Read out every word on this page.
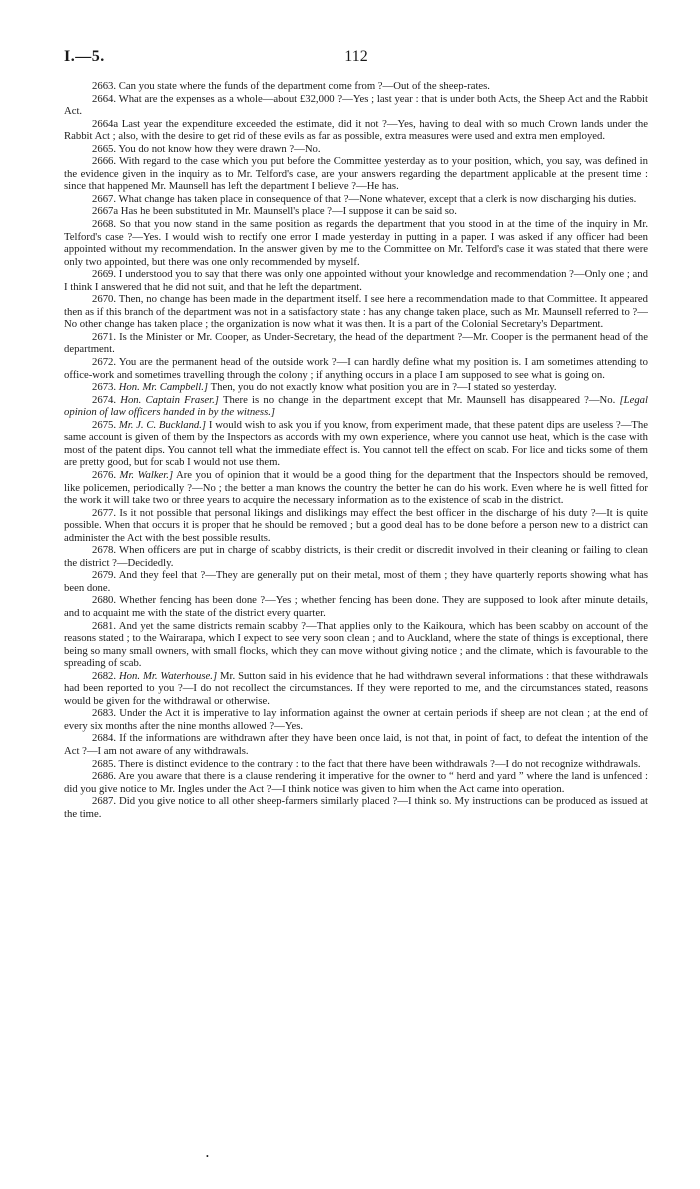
I.—5.	112

2663. Can you state where the funds of the department come from ?—Out of the sheep-rates.

2664. What are the expenses as a whole—about £32,000 ?—Yes ; last year : that is under both Acts, the Sheep Act and the Rabbit Act.

2664a Last year the expenditure exceeded the estimate, did it not ?—Yes, having to deal with so much Crown lands under the Rabbit Act ; also, with the desire to get rid of these evils as far as possible, extra measures were used and extra men employed.

2665. You do not know how they were drawn ?—No.

2666. With regard to the case which you put before the Committee yesterday as to your position, which, you say, was defined in the evidence given in the inquiry as to Mr. Telford's case, are your answers regarding the department applicable at the present time : since that happened Mr. Maunsell has left the department I believe ?—He has.

2667. What change has taken place in consequence of that ?—None whatever, except that a clerk is now discharging his duties.

2667a Has he been substituted in Mr. Maunsell's place ?—I suppose it can be said so.

2668. So that you now stand in the same position as regards the department that you stood in at the time of the inquiry in Mr. Telford's case ?—Yes. I would wish to rectify one error I made yesterday in putting in a paper. I was asked if any officer had been appointed without my recommendation. In the answer given by me to the Committee on Mr. Telford's case it was stated that there were only two appointed, but there was one only recommended by myself.

2669. I understood you to say that there was only one appointed without your knowledge and recommendation ?—Only one ; and I think I answered that he did not suit, and that he left the department.

2670. Then, no change has been made in the department itself. I see here a recommendation made to that Committee. It appeared then as if this branch of the department was not in a satisfactory state : has any change taken place, such as Mr. Maunsell referred to ?—No other change has taken place ; the organization is now what it was then. It is a part of the Colonial Secretary's Department.

2671. Is the Minister or Mr. Cooper, as Under-Secretary, the head of the department ?—Mr. Cooper is the permanent head of the department.

2672. You are the permanent head of the outside work ?—I can hardly define what my position is. I am sometimes attending to office-work and sometimes travelling through the colony ; if anything occurs in a place I am supposed to see what is going on.

2673. Hon. Mr. Campbell.] Then, you do not exactly know what position you are in ?—I stated so yesterday.

2674. Hon. Captain Fraser.] There is no change in the department except that Mr. Maunsell has disappeared ?—No. [Legal opinion of law officers handed in by the witness.]

2675. Mr. J. C. Buckland.] I would wish to ask you if you know, from experiment made, that these patent dips are useless ?—The same account is given of them by the Inspectors as accords with my own experience, where you cannot use heat, which is the case with most of the patent dips. You cannot tell what the immediate effect is. You cannot tell the effect on scab. For lice and ticks some of them are pretty good, but for scab I would not use them.

2676. Mr. Walker.] Are you of opinion that it would be a good thing for the department that the Inspectors should be removed, like policemen, periodically ?—No ; the better a man knows the country the better he can do his work. Even where he is well fitted for the work it will take two or three years to acquire the necessary information as to the existence of scab in the district.

2677. Is it not possible that personal likings and dislikings may effect the best officer in the discharge of his duty ?—It is quite possible. When that occurs it is proper that he should be removed ; but a good deal has to be done before a person new to a district can administer the Act with the best possible results.

2678. When officers are put in charge of scabby districts, is their credit or discredit involved in their cleaning or failing to clean the district ?—Decidedly.

2679. And they feel that ?—They are generally put on their metal, most of them ; they have quarterly reports showing what has been done.

2680. Whether fencing has been done ?—Yes ; whether fencing has been done. They are supposed to look after minute details, and to acquaint me with the state of the district every quarter.

2681. And yet the same districts remain scabby ?—That applies only to the Kaikoura, which has been scabby on account of the reasons stated ; to the Wairarapa, which I expect to see very soon clean ; and to Auckland, where the state of things is exceptional, there being so many small owners, with small flocks, which they can move without giving notice ; and the climate, which is favourable to the spreading of scab.

2682. Hon. Mr. Waterhouse.] Mr. Sutton said in his evidence that he had withdrawn several informations : that these withdrawals had been reported to you ?—I do not recollect the circumstances. If they were reported to me, and the circumstances stated, reasons would be given for the withdrawal or otherwise.

2683. Under the Act it is imperative to lay information against the owner at certain periods if sheep are not clean ; at the end of every six months after the nine months allowed ?—Yes.

2684. If the informations are withdrawn after they have been once laid, is not that, in point of fact, to defeat the intention of the Act ?—I am not aware of any withdrawals.

2685. There is distinct evidence to the contrary : to the fact that there have been withdrawals ?—I do not recognize withdrawals.

2686. Are you aware that there is a clause rendering it imperative for the owner to “ herd and yard ” where the land is unfenced : did you give notice to Mr. Ingles under the Act ?—I think notice was given to him when the Act came into operation.

2687. Did you give notice to all other sheep-farmers similarly placed ?—I think so. My instructions can be produced as issued at the time.

•
